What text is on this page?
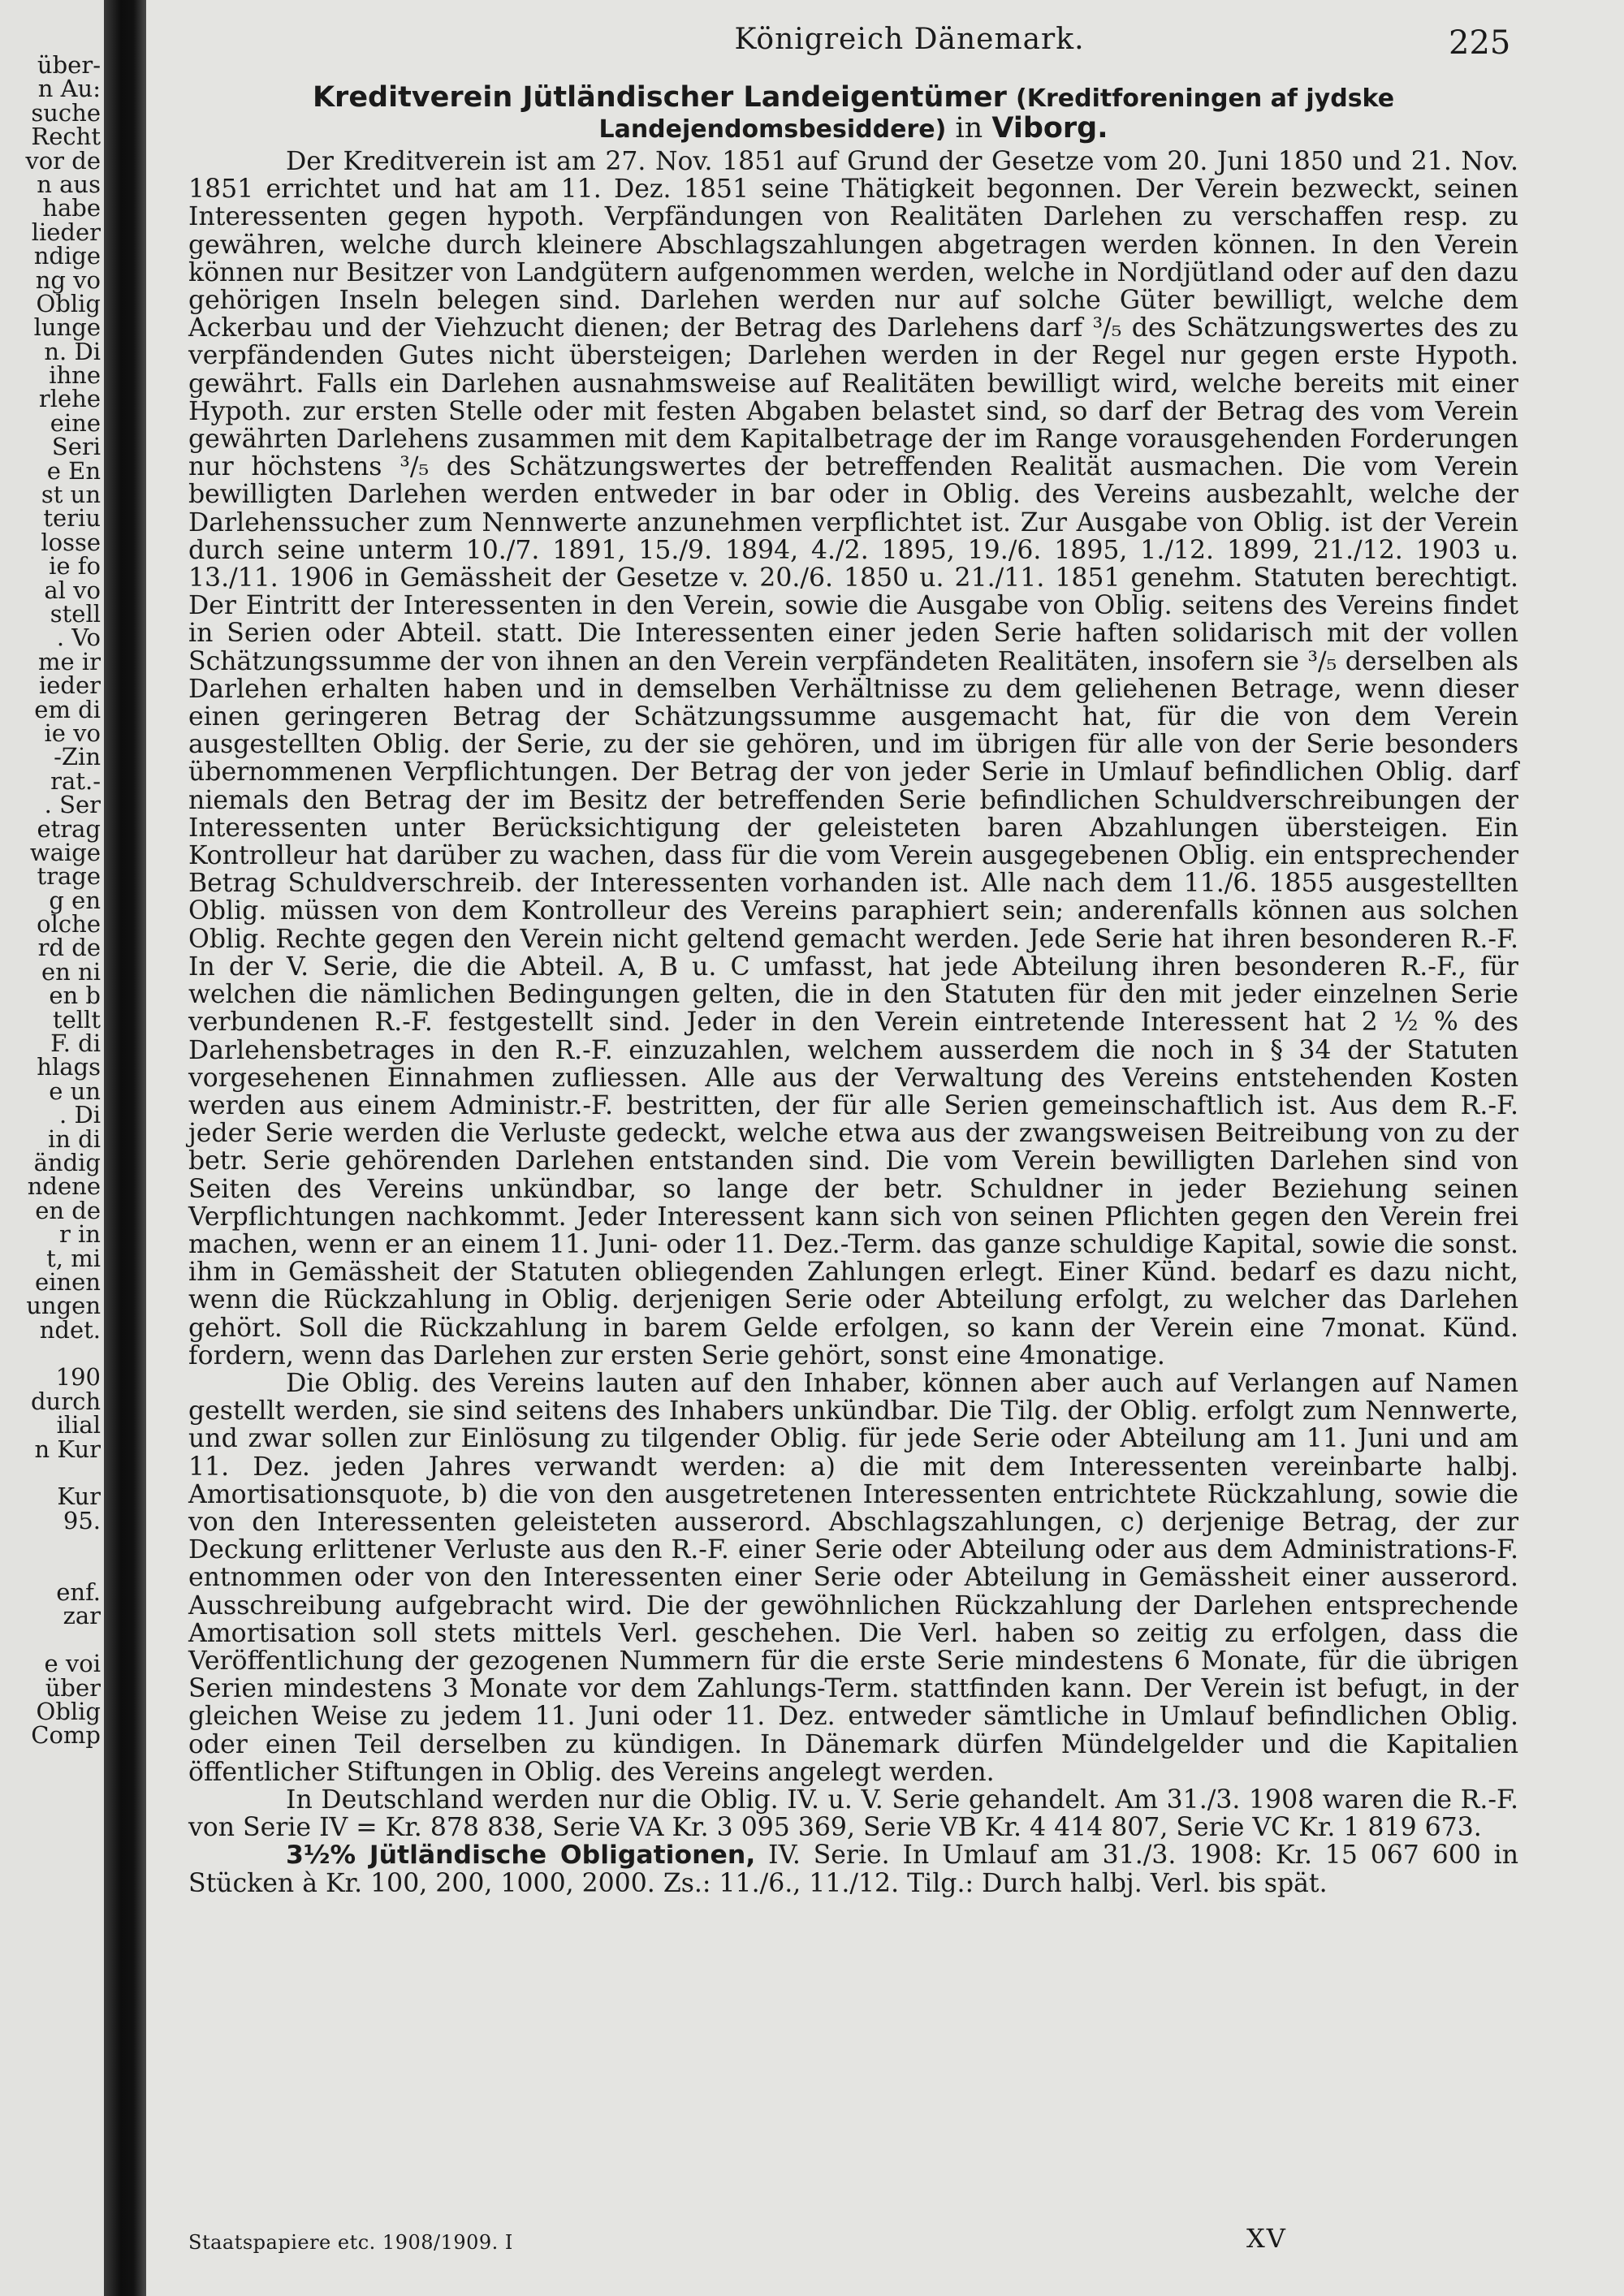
über-
n Au:
suche
Recht
vor de
n aus
habe
lieder
ndige
ng vo
Oblig
lunge
n. Di
ihne
rlehe
eine
Seri
e En
st un
teriu
losse
ie fo
al vo
stell
. Vo
me ir
ieder
em di
ie vo
-Zin
rat.-
. Ser
etrag
waige
trage
g en
olche
rd de
en ni
en b
tellt
F. di
hlags
e un
. Di
in di
ändig
ndene
en de
r in
t, mi
einen
ungen
ndet.
190
durch
ilial
n Kur
Kur
95.
enf.
zar
e voi
über
Oblig
Comp
Königreich Dänemark.	225
Kreditverein Jütländischer Landeigentümer (Kreditforeningen af jydske Landejendomsbesiddere) in Viborg.

Der Kreditverein ist am 27. Nov. 1851 auf Grund der Gesetze vom 20. Juni 1850 und 21. Nov. 1851 errichtet und hat am 11. Dez. 1851 seine Thätigkeit begonnen. Der Verein bezweckt, seinen Interessenten gegen hypoth. Verpfändungen von Realitäten Darlehen zu verschaffen resp. zu gewähren, welche durch kleinere Abschlagszahlungen abgetragen werden können. In den Verein können nur Besitzer von Landgütern aufgenommen werden, welche in Nordjütland oder auf den dazu gehörigen Inseln belegen sind. Darlehen werden nur auf solche Güter bewilligt, welche dem Ackerbau und der Viehzucht dienen; der Betrag des Darlehens darf ³/₅ des Schätzungswertes des zu verpfändenden Gutes nicht übersteigen; Darlehen werden in der Regel nur gegen erste Hypoth. gewährt. Falls ein Darlehen ausnahmsweise auf Realitäten bewilligt wird, welche bereits mit einer Hypoth. zur ersten Stelle oder mit festen Abgaben belastet sind, so darf der Betrag des vom Verein gewährten Darlehens zusammen mit dem Kapitalbetrage der im Range vorausgehenden Forderungen nur höchstens ³/₅ des Schätzungswertes der betreffenden Realität ausmachen. Die vom Verein bewilligten Darlehen werden entweder in bar oder in Oblig. des Vereins ausbezahlt, welche der Darlehenssucher zum Nennwerte anzunehmen verpflichtet ist. Zur Ausgabe von Oblig. ist der Verein durch seine unterm 10./7. 1891, 15./9. 1894, 4./2. 1895, 19./6. 1895, 1./12. 1899, 21./12. 1903 u. 13./11. 1906 in Gemässheit der Gesetze v. 20./6. 1850 u. 21./11. 1851 genehm. Statuten berechtigt. Der Eintritt der Interessenten in den Verein, sowie die Ausgabe von Oblig. seitens des Vereins findet in Serien oder Abteil. statt. Die Interessenten einer jeden Serie haften solidarisch mit der vollen Schätzungssumme der von ihnen an den Verein verpfändeten Realitäten, insofern sie ³/₅ derselben als Darlehen erhalten haben und in demselben Verhältnisse zu dem geliehenen Betrage, wenn dieser einen geringeren Betrag der Schätzungssumme ausgemacht hat, für die von dem Verein ausgestellten Oblig. der Serie, zu der sie gehören, und im übrigen für alle von der Serie besonders übernommenen Verpflichtungen. Der Betrag der von jeder Serie in Umlauf befindlichen Oblig. darf niemals den Betrag der im Besitz der betreffenden Serie befindlichen Schuldverschreibungen der Interessenten unter Berücksichtigung der geleisteten baren Abzahlungen übersteigen. Ein Kontrolleur hat darüber zu wachen, dass für die vom Verein ausgegebenen Oblig. ein entsprechender Betrag Schuldverschreib. der Interessenten vorhanden ist. Alle nach dem 11./6. 1855 ausgestellten Oblig. müssen von dem Kontrolleur des Vereins paraphiert sein; anderenfalls können aus solchen Oblig. Rechte gegen den Verein nicht geltend gemacht werden. Jede Serie hat ihren besonderen R.-F. In der V. Serie, die die Abteil. A, B u. C umfasst, hat jede Abteilung ihren besonderen R.-F., für welchen die nämlichen Bedingungen gelten, die in den Statuten für den mit jeder einzelnen Serie verbundenen R.-F. festgestellt sind. Jeder in den Verein eintretende Interessent hat 2 ½ % des Darlehensbetrages in den R.-F. einzuzahlen, welchem ausserdem die noch in § 34 der Statuten vorgesehenen Einnahmen zufliessen. Alle aus der Verwaltung des Vereins entstehenden Kosten werden aus einem Administr.-F. bestritten, der für alle Serien gemeinschaftlich ist. Aus dem R.-F. jeder Serie werden die Verluste gedeckt, welche etwa aus der zwangsweisen Beitreibung von zu der betr. Serie gehörenden Darlehen entstanden sind. Die vom Verein bewilligten Darlehen sind von Seiten des Vereins unkündbar, so lange der betr. Schuldner in jeder Beziehung seinen Verpflichtungen nachkommt. Jeder Interessent kann sich von seinen Pflichten gegen den Verein frei machen, wenn er an einem 11. Juni- oder 11. Dez.-Term. das ganze schuldige Kapital, sowie die sonst. ihm in Gemässheit der Statuten obliegenden Zahlungen erlegt. Einer Künd. bedarf es dazu nicht, wenn die Rückzahlung in Oblig. derjenigen Serie oder Abteilung erfolgt, zu welcher das Darlehen gehört. Soll die Rückzahlung in barem Gelde erfolgen, so kann der Verein eine 7monat. Künd. fordern, wenn das Darlehen zur ersten Serie gehört, sonst eine 4monatige.

Die Oblig. des Vereins lauten auf den Inhaber, können aber auch auf Verlangen auf Namen gestellt werden, sie sind seitens des Inhabers unkündbar. Die Tilg. der Oblig. erfolgt zum Nennwerte, und zwar sollen zur Einlösung zu tilgender Oblig. für jede Serie oder Abteilung am 11. Juni und am 11. Dez. jeden Jahres verwandt werden: a) die mit dem Interessenten vereinbarte halbj. Amortisationsquote, b) die von den ausgetretenen Interessenten entrichtete Rückzahlung, sowie die von den Interessenten geleisteten ausserord. Abschlagszahlungen, c) derjenige Betrag, der zur Deckung erlittener Verluste aus den R.-F. einer Serie oder Abteilung oder aus dem Administrations-F. entnommen oder von den Interessenten einer Serie oder Abteilung in Gemässheit einer ausserord. Ausschreibung aufgebracht wird. Die der gewöhnlichen Rückzahlung der Darlehen entsprechende Amortisation soll stets mittels Verl. geschehen. Die Verl. haben so zeitig zu erfolgen, dass die Veröffentlichung der gezogenen Nummern für die erste Serie mindestens 6 Monate, für die übrigen Serien mindestens 3 Monate vor dem Zahlungs-Term. stattfinden kann. Der Verein ist befugt, in der gleichen Weise zu jedem 11. Juni oder 11. Dez. entweder sämtliche in Umlauf befindlichen Oblig. oder einen Teil derselben zu kündigen. In Dänemark dürfen Mündelgelder und die Kapitalien öffentlicher Stiftungen in Oblig. des Vereins angelegt werden.

In Deutschland werden nur die Oblig. IV. u. V. Serie gehandelt. Am 31./3. 1908 waren die R.-F. von Serie IV = Kr. 878 838, Serie VA Kr. 3 095 369, Serie VB Kr. 4 414 807, Serie VC Kr. 1 819 673.

3½% Jütländische Obligationen, IV. Serie. In Umlauf am 31./3. 1908: Kr. 15 067 600 in Stücken à Kr. 100, 200, 1000, 2000. Zs.: 11./6., 11./12. Tilg.: Durch halbj. Verl. bis spät.

Staatspapiere etc. 1908/1909. I	XV
